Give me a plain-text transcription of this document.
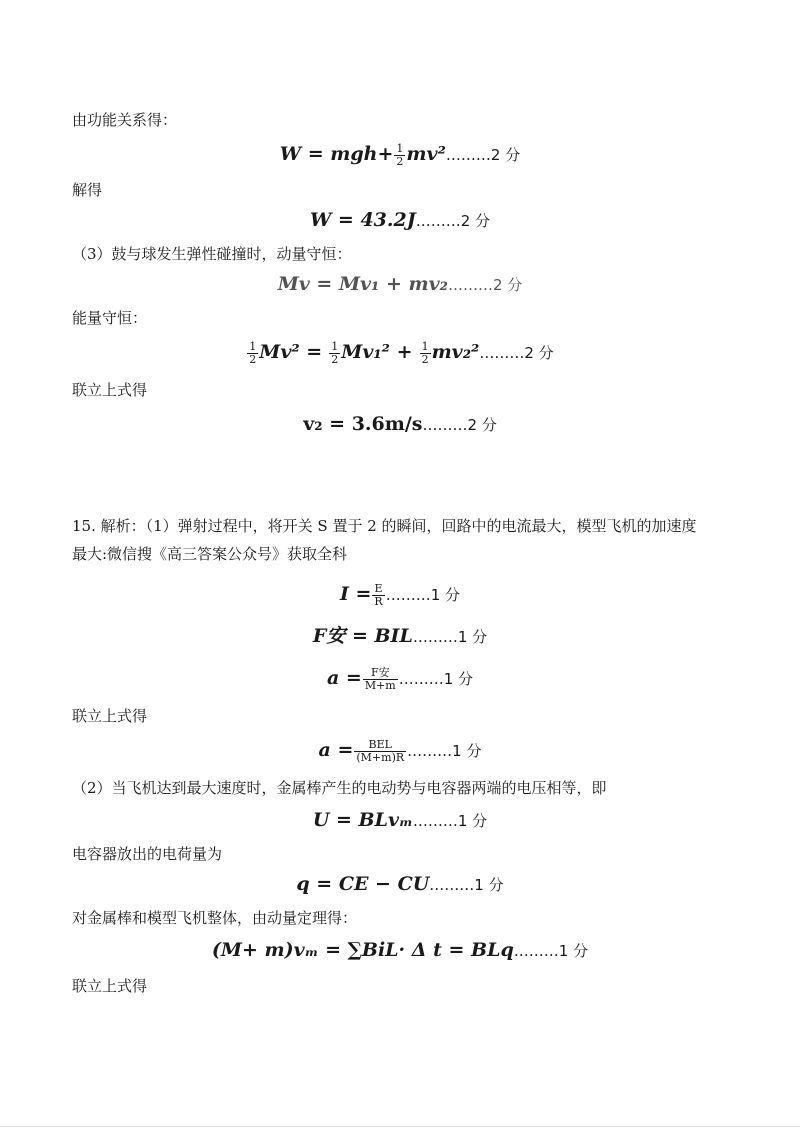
由功能关系得：
$W = mgh+ \frac{1}{2}$ mv²………2 分
解得
W = 43.2J………2 分
（3）鼓与球发生弹性碰撞时，动量守恒：
Mv = Mv₁ + mv₂………2 分
能量守恒：
$\frac{1}{2} Mv^2 = \frac{1}{2} Mv_1^2 + \frac{1}{2}$ mv₂²………2 分
联立上式得
v₂ = 3.6m/s………2 分
15. 解析：（1）弹射过程中，将开关 S 置于 2 的瞬间，回路中的电流最大，模型飞机的加速度
最大:微信搜《高三答案公众号》获取全科
$I = \frac{E}{R}$ ………1 分
F安 = BIL………1 分
$a = \frac{\text{F安}}{M+m}$ ………1 分
联立上式得
$a = \frac{\text{BEL}}{(M+m)R}$ ………1 分
（2）当飞机达到最大速度时，金属棒产生的电动势与电容器两端的电压相等，即
U = BLvₘ………1 分
电容器放出的电荷量为
q = CE − CU………1 分
对金属棒和模型飞机整体，由动量定理得：
(M+ m)vₘ = ∑BiL· Δ t = BLq………1 分
联立上式得
